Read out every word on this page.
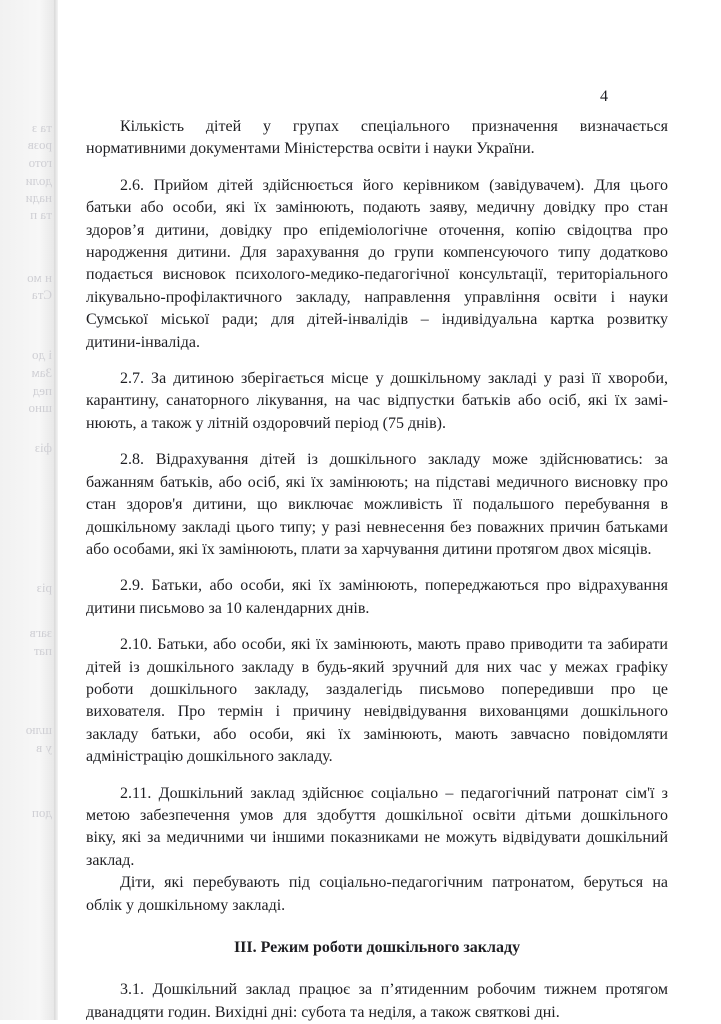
та з
розв
гото
доли
нади
та п
н мо
Ста
і до
Зам
пед
шно
фіз
різ
загв
пат
шлю
у в
доп
4

Кількість дітей у групах спеціального призначення визначається
нормативними документами Міністерства освіти і науки України.

2.6. Прийом дітей здійснюється його керівником (завідувачем). Для цього
батьки або особи, які їх замінюють, подають заяву, медичну довідку про стан
здоров’я дитини, довідку про епідеміологічне оточення, копію свідоцтва про
народження дитини. Для зарахування до групи компенсуючого типу додатково
подається висновок психолого-медико-педагогічної консультації, територіального
лікувально-профілактичного закладу, направлення управління освіти і науки
Сумської міської ради; для дітей-інвалідів – індивідуальна картка розвитку
дитини-інваліда.

2.7. За дитиною зберігається місце у дошкільному закладі у разі її хвороби,
карантину, санаторного лікування, на час відпустки батьків або осіб, які їх замі-
нюють, а також у літній оздоровчий період (75 днів).

2.8. Відрахування дітей із дошкільного закладу може здійснюватись: за
бажанням батьків, або осіб, які їх замінюють; на підставі медичного висновку про
стан здоров'я дитини, що виключає можливість її подальшого перебування в
дошкільному закладі цього типу; у разі невнесення без поважних причин батьками
або особами, які їх замінюють, плати за харчування дитини протягом двох місяців.

2.9. Батьки, або особи, які їх замінюють, попереджаються про відрахування
дитини письмово за 10 календарних днів.

2.10. Батьки, або особи, які їх замінюють, мають право приводити та забирати
дітей із дошкільного закладу в будь-який зручний для них час у межах графіку
роботи дошкільного закладу, заздалегідь письмово попередивши про це
вихователя. Про термін і причину невідвідування вихованцями дошкільного
закладу батьки, або особи, які їх замінюють, мають завчасно повідомляти
адміністрацію дошкільного закладу.

2.11. Дошкільний заклад здійснює соціально – педагогічний патронат сім'ї з
метою забезпечення умов для здобуття дошкільної освіти дітьми дошкільного
віку, які за медичними чи іншими показниками не можуть відвідувати дошкільний
заклад.

Діти, які перебувають під соціально-педагогічним патронатом, беруться на
облік у дошкільному закладі.

ІІІ. Режим роботи дошкільного закладу

3.1. Дошкільний заклад працює за п’ятиденним робочим тижнем протягом
дванадцяти годин. Вихідні дні: субота та неділя, а також святкові дні.
